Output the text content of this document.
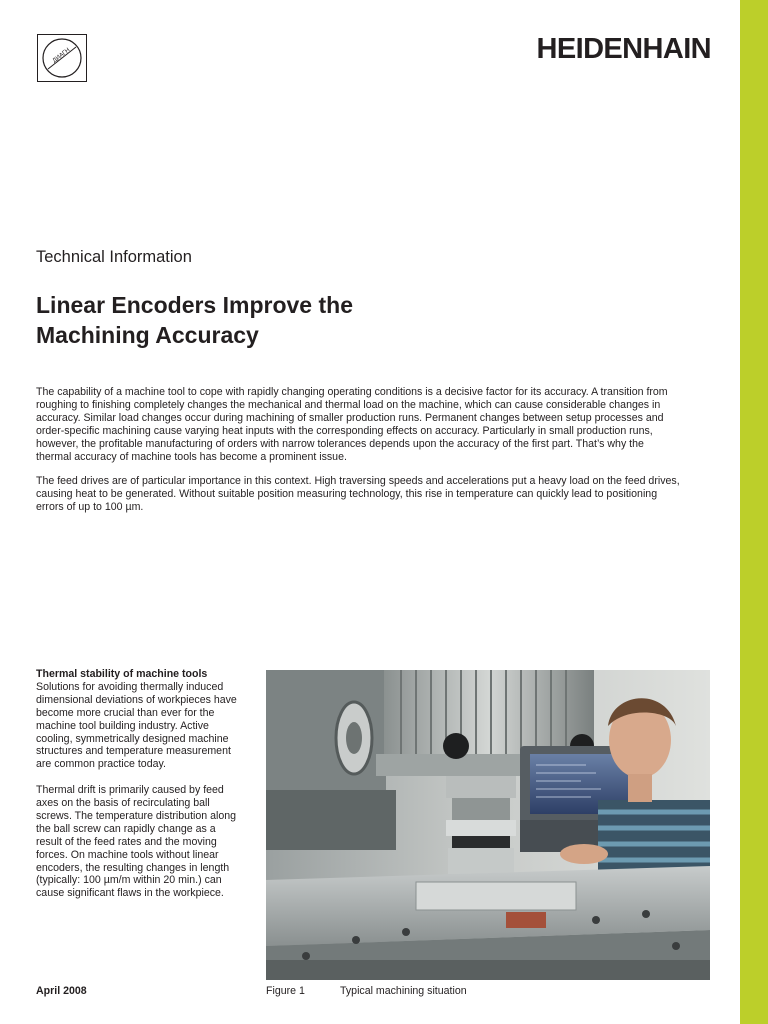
ДИАГН	HEIDENHAIN
Technical Information
Linear Encoders Improve the
Machining Accuracy

The capability of a machine tool to cope with rapidly changing operating conditions is a decisive factor for its accuracy. A transition from
roughing to finishing completely changes the mechanical and thermal load on the machine, which can cause considerable changes in
accuracy. Similar load changes occur during machining of smaller production runs. Permanent changes between setup processes and
order-specific machining cause varying heat inputs with the corresponding effects on accuracy. Particularly in small production runs,
however, the profitable manufacturing of orders with narrow tolerances depends upon the accuracy of the first part. That’s why the
thermal accuracy of machine tools has become a prominent issue.

The feed drives are of particular importance in this context. High traversing speeds and accelerations put a heavy load on the feed drives,
causing heat to be generated. Without suitable position measuring technology, this rise in temperature can quickly lead to positioning
errors of up to 100 µm.

Thermal stability of machine tools
Solutions for avoiding thermally induced
dimensional deviations of workpieces have
become more crucial than ever for the
machine tool building industry. Active
cooling, symmetrically designed machine
structures and temperature measurement
are common practice today.
Thermal drift is primarily caused by feed
axes on the basis of recirculating ball
screws. The temperature distribution along
the ball screw can rapidly change as a
result of the feed rates and the moving
forces. On machine tools without linear
encoders, the resulting changes in length
(typically: 100 µm/m within 20 min.) can
cause significant flaws in the workpiece.
April 2008	Figure 1	Typical machining situation
